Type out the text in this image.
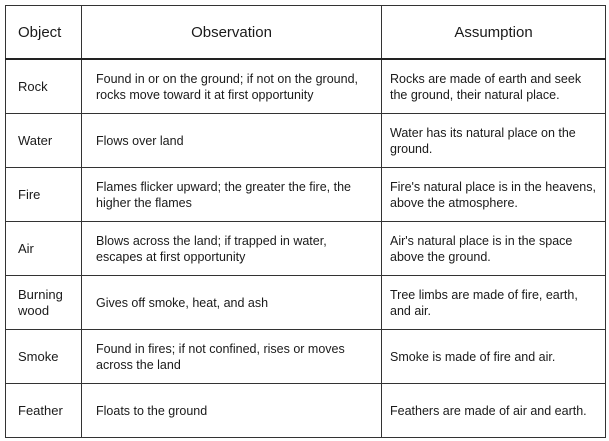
Object	Observation	Assumption
Rock	Found in or on the ground; if not on the ground, rocks move toward it at first opportunity	Rocks are made of earth and seek the ground, their natural place.
Water	Flows over land	Water has its natural place on the ground.
Fire	Flames flicker upward; the greater the fire, the higher the flames	Fire's natural place is in the heavens, above the atmosphere.
Air	Blows across the land; if trapped in water, escapes at first opportunity	Air's natural place is in the space above the ground.
Burning wood	Gives off smoke, heat, and ash	Tree limbs are made of fire, earth, and air.
Smoke	Found in fires; if not confined, rises or moves across the land	Smoke is made of fire and air.
Feather	Floats to the ground	Feathers are made of air and earth.
